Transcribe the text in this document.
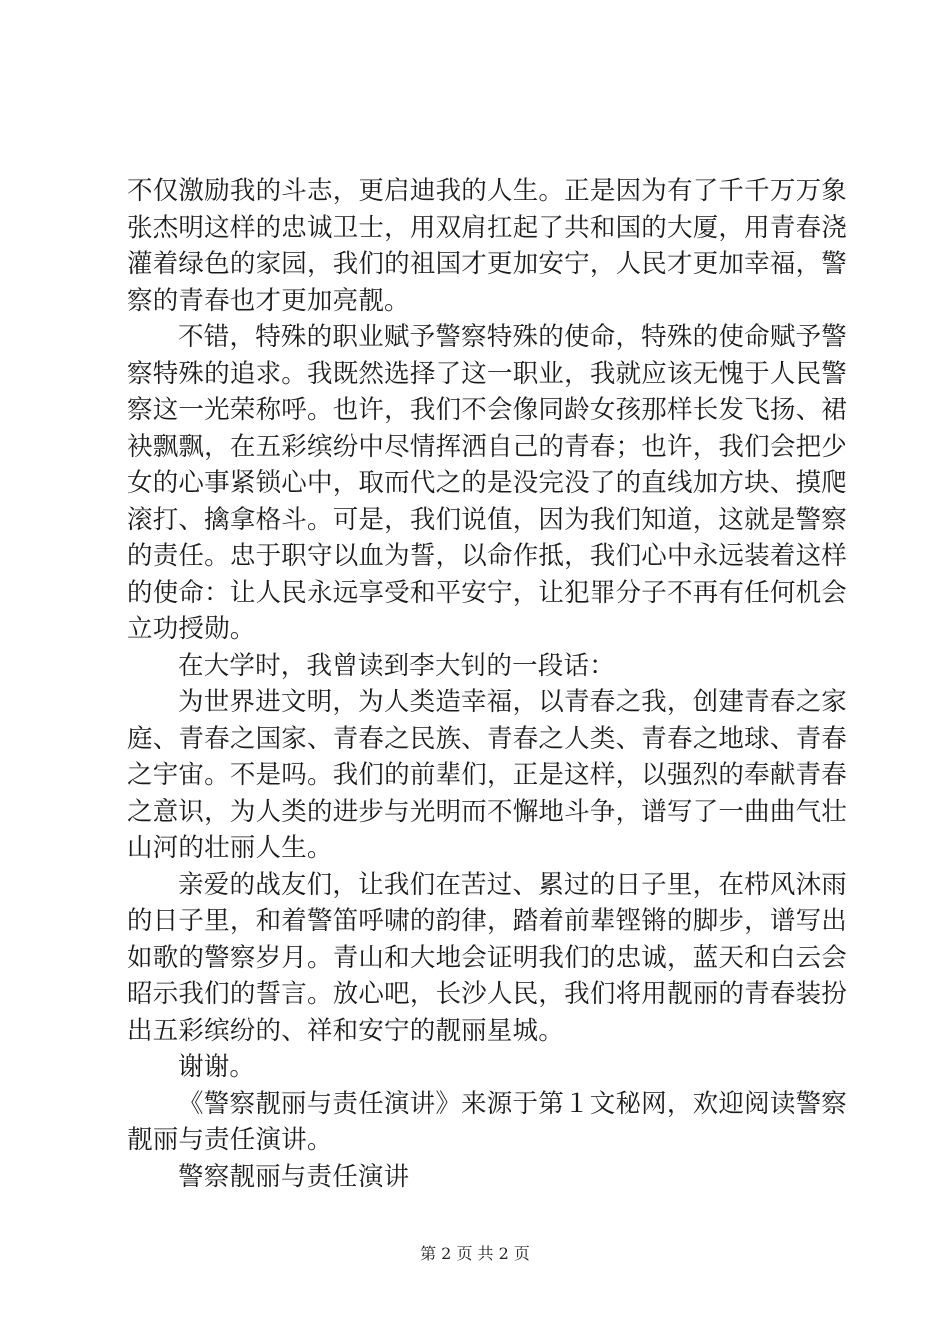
不仅激励我的斗志，更启迪我的人生。正是因为有了千千万万象张杰明这样的忠诚卫士，用双肩扛起了共和国的大厦，用青春浇灌着绿色的家园，我们的祖国才更加安宁，人民才更加幸福，警察的青春也才更加亮靓。

不错，特殊的职业赋予警察特殊的使命，特殊的使命赋予警察特殊的追求。我既然选择了这一职业，我就应该无愧于人民警察这一光荣称呼。也许，我们不会像同龄女孩那样长发飞扬、裙袂飘飘，在五彩缤纷中尽情挥洒自己的青春；也许，我们会把少女的心事紧锁心中，取而代之的是没完没了的直线加方块、摸爬滚打、擒拿格斗。可是，我们说值，因为我们知道，这就是警察的责任。忠于职守以血为誓，以命作抵，我们心中永远装着这样的使命：让人民永远享受和平安宁，让犯罪分子不再有任何机会立功授勋。

在大学时，我曾读到李大钊的一段话：

为世界进文明，为人类造幸福，以青春之我，创建青春之家庭、青春之国家、青春之民族、青春之人类、青春之地球、青春之宇宙。不是吗。我们的前辈们，正是这样，以强烈的奉献青春之意识，为人类的进步与光明而不懈地斗争，谱写了一曲曲气壮山河的壮丽人生。

亲爱的战友们，让我们在苦过、累过的日子里，在栉风沐雨的日子里，和着警笛呼啸的韵律，踏着前辈铿锵的脚步，谱写出如歌的警察岁月。青山和大地会证明我们的忠诚，蓝天和白云会昭示我们的誓言。放心吧，长沙人民，我们将用靓丽的青春装扮出五彩缤纷的、祥和安宁的靓丽星城。

谢谢。

《警察靓丽与责任演讲》来源于第１文秘网，欢迎阅读警察靓丽与责任演讲。

警察靓丽与责任演讲

第 2 页 共 2 页
